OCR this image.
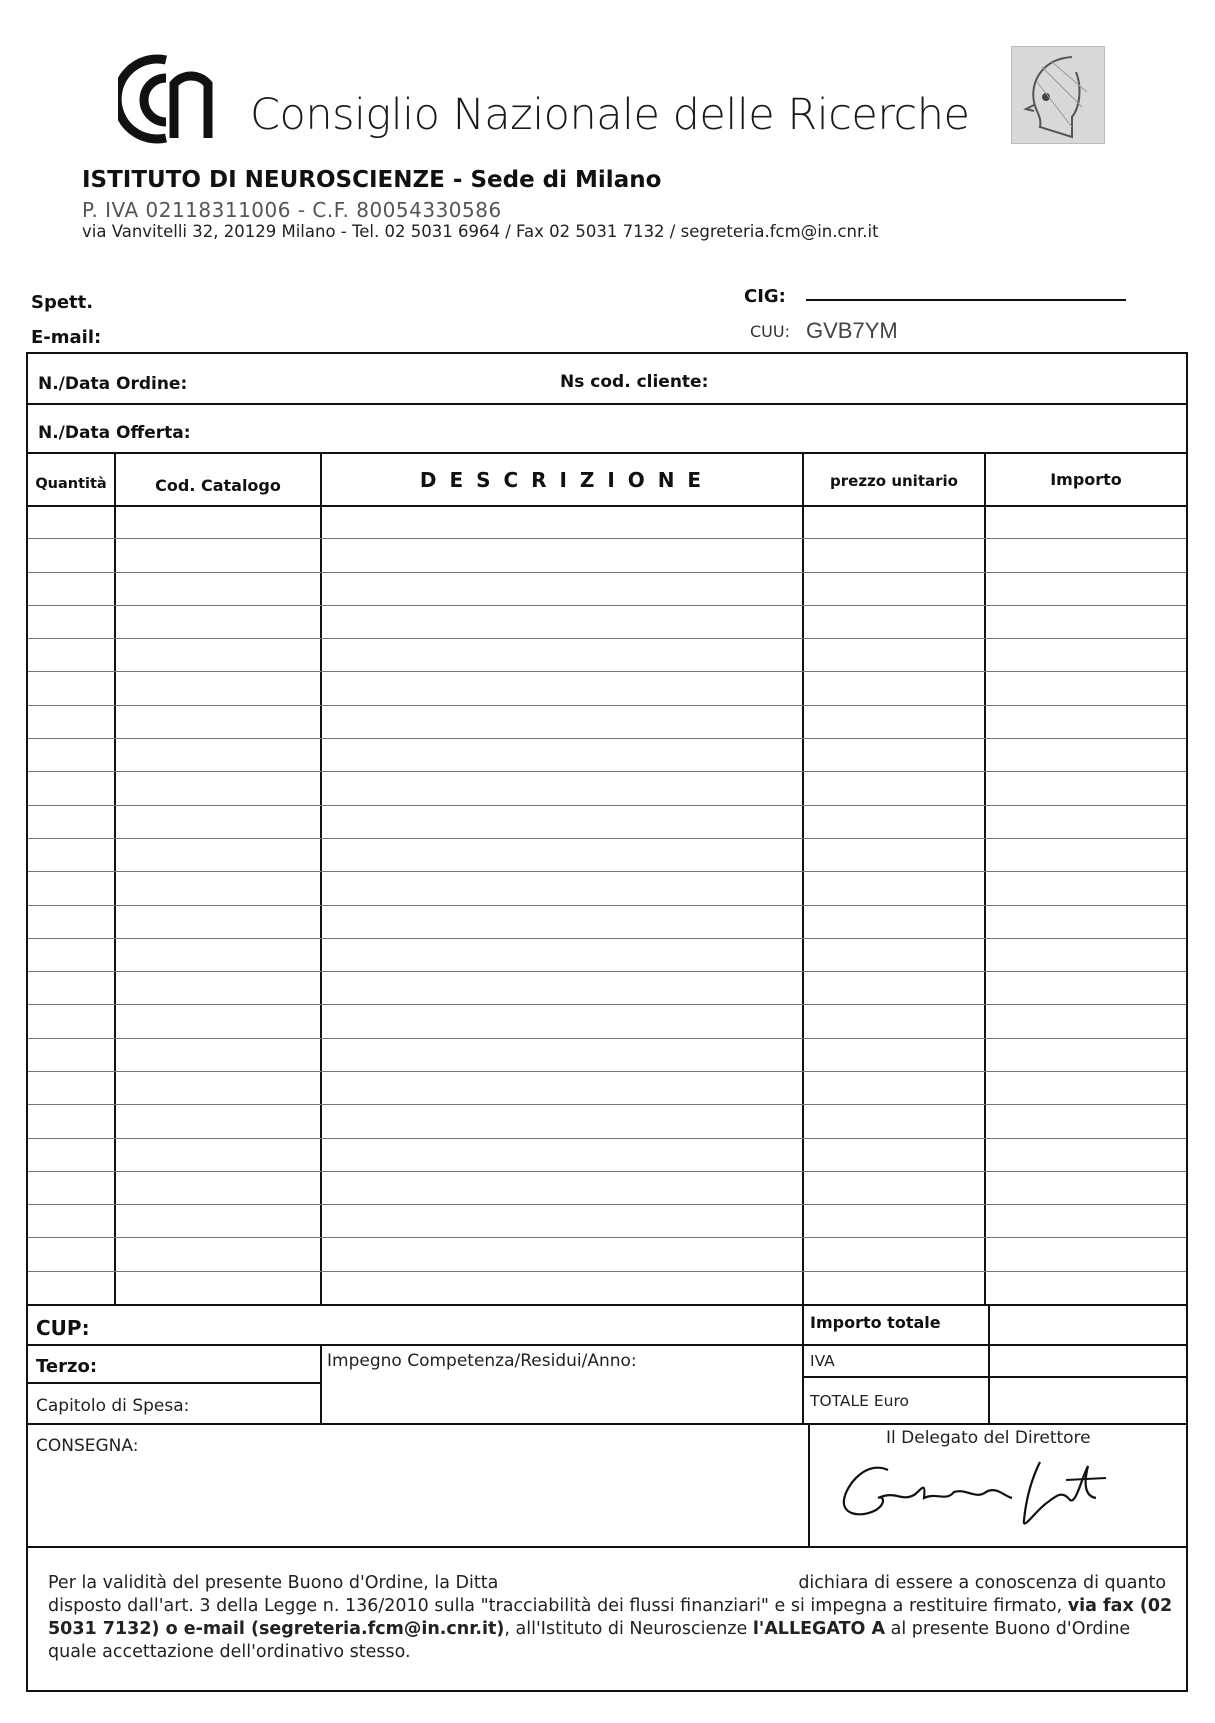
Consiglio Nazionale delle Ricerche
ISTITUTO DI NEUROSCIENZE - Sede di Milano
P. IVA 02118311006 - C.F. 80054330586
via Vanvitelli 32, 20129 Milano - Tel. 02 5031 6964 / Fax 02 5031 7132 / segreteria.fcm@in.cnr.it
Spett.
E-mail:
CIG:
CUU: GVB7YM
N./Data Ordine:	Ns cod. cliente:
N./Data Offerta:
Quantità	Cod. Catalogo	D E S C R I Z I O N E	prezzo unitario	Importo
CUP:	Importo totale
Terzo:	Impegno Competenza/Residui/Anno:	IVA
Capitolo di Spesa:	TOTALE Euro
CONSEGNA:	Il Delegato del Direttore
Per la validità del presente Buono d'Ordine, la Ditta	dichiara di essere a conoscenza di quanto disposto dall'art. 3 della Legge n. 136/2010 sulla "tracciabilità dei flussi finanziari" e si impegna a restituire firmato, via fax (02 5031 7132) o e-mail (segreteria.fcm@in.cnr.it), all'Istituto di Neuroscienze l'ALLEGATO A al presente Buono d'Ordine quale accettazione dell'ordinativo stesso.
